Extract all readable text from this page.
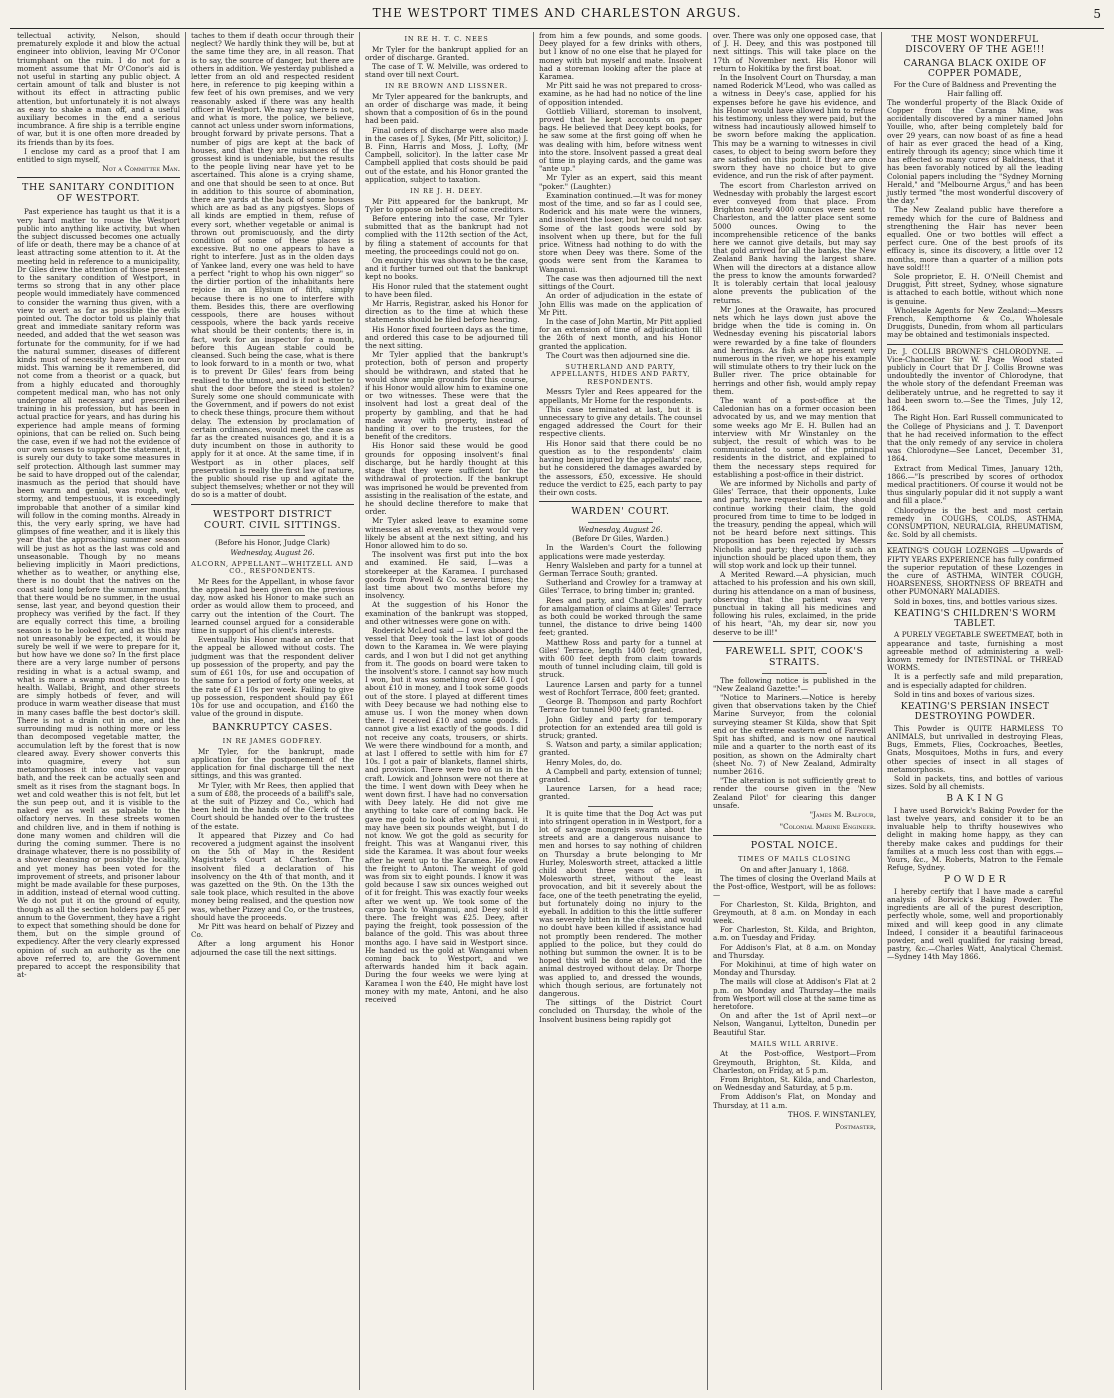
THE WESTPORT TIMES AND CHARLESTON ARGUS.	5

tellectual activity, Nelson, should prematurely explode it and blow the actual engineer into oblivion, leaving Mr O'Conor triumphant on the ruin. I do not for a moment assume that Mr O'Conor's aid is not useful in starting any public object. A certain amount of talk and bluster is not without its effect in attracting public attention, but unfortunately it is not always as easy to shake a man off, and a useful auxiliary becomes in the end a serious incumbrance. A fire ship is a terrible engine of war, but it is one often more dreaded by its friends than by its foes.

I enclose my card as a proof that I am entitled to sign myself,

Not a Committee Man.

THE SANITARY CONDITION OF WESTPORT.

Past experience has taught us that it is a very hard matter to rouse the Westport public into anything like activity, but when the subject discussed becomes one actually of life or death, there may be a chance of at least attracting some attention to it. At the meeting held in reference to a municipality, Dr Giles drew the attention of those present to the sanitary condition of Westport, in terms so strong that in any other place people would immediately have commenced to consider the warning thus given, with a view to avert as far as possible the evils pointed out. The doctor told us plainly that great and immediate sanitary reform was needed, and added that the wet season was fortunate for the community, for if we had the natural summer, diseases of different kinds must of necessity have arisen in our midst. This warning be it remembered, did not come from a theorist or a quack, but from a highly educated and thoroughly competent medical man, who has not only undergone all necessary and prescribed training in his profession, but has been in actual practice for years, and has during his experience had ample means of forming opinions, that can be relied on. Such being the case, even if we had not the evidence of our own senses to support the statement, it is surely our duty to take some measures in self protection. Although last summer may be said to have dropped out of the calendar, inasmuch as the period that should have been warm and genial, was rough, wet, stormy, and tempestuous, it is exceedingly improbable that another of a similar kind will follow in the coming months. Already in this, the very early spring, we have had glimpses of fine weather, and it is likely this year that the approaching summer season will be just as hot as the last was cold and unseasonable. Though by no means believing implicitly in Maori predictions, whether as to weather, or anything else, there is no doubt that the natives on the coast said long before the summer months, that there would be no summer, in the usual sense, last year, and beyond question their prophecy was verified by the fact. If they are equally correct this time, a broiling season is to be looked for, and as this may not unreasonably be expected, it would be surely be well if we were to prepare for it, but how have we done so? In the first place there are a very large number of persons residing in what is a actual swamp, and what is more a swamp most dangerous to health. Wallabi, Bright, and other streets are simply hotbeds of fever, and will produce in warm weather disease that must in many cases baffle the best doctor's skill. There is not a drain cut in one, and the surrounding mud is nothing more or less than decomposed vegetable matter, the accumulation left by the forest that is now cleared away. Every shower converts this into quagmire, every hot sun metamorphoses it into one vast vapour bath, and the reek can be actually seen and smelt as it rises from the stagnant bogs. In wet and cold weather this is not felt, but let the sun peep out, and it is visible to the naked eye as well as palpable to the olfactory nerves. In these streets women and children live, and in them if nothing is done many women and children will die during the coming summer. There is no drainage whatever, there is no possibility of a shower cleansing or possibly the locality, and yet money has been voted for the improvement of streets, and prisoner labour might be made available for these purposes, in addition, instead of eternal wood cutting. We do not put it on the ground of equity, though as all the section holders pay £5 per annum to the Government, they have a right to expect that something should be done for them, but on the simple ground of expediency. After the very clearly expressed opinion of such an authority as the one above referred to, are the Government prepared to accept the responsibility that at-

taches to them if death occur through their neglect? We hardly think they will be, but at the same time they are, in all reason. That is to say, the source of danger, but there are others in addition. We yesterday published a letter from an old and respected resident here, in reference to pig keeping within a few feet of his own premises, and we very reasonably asked if there was any health officer in Westport. We may say there is not, and what is more, the police, we believe, cannot act unless under sworn informations, brought forward by private persons. That a number of pigs are kept at the back of houses, and that they are nuisances of the grossest kind is undeniable, but the results to the people living near have yet to be ascertained. This alone is a crying shame, and one that should be seen to at once. But in addition to this source of abomination, there are yards at the back of some houses which are as bad as any pigstyes. Slops of all kinds are emptied in them, refuse of every sort, whether vegetable or animal is thrown out promiscuously, and the dirty condition of some of these places is excessive. But no one appears to have a right to interfere. Just as in the olden days of Yankee land, every one was held to have a perfect "right to whop his own nigger" so the dirtier portion of the inhabitants here rejoice in an Elysium of filth, simply because there is no one to interfere with them. Besides this, there are overflowing cesspools, there are houses without cesspools, where the back yards receive what should be their contents; there is, in fact, work for an inspector for a month, before this Augean stable could be cleansed. Such being the case, what is there to look forward to in a month or two, what is to prevent Dr Giles' fears from being realised to the utmost, and is it not better to shut the door before the steed is stolen? Surely some one should communicate with the Government, and if powers do not exist to check these things, procure them without delay. The extension by proclamation of certain ordinances, would meet the case as far as the created nuisances go, and it is a duty incumbent on those in authority to apply for it at once. At the same time, if in Westport as in other places, self preservation is really the first law of nature, the public should rise up and agitate the subject themselves; whether or not they will do so is a matter of doubt.

WESTPORT DISTRICT COURT. CIVIL SITTINGS.

(Before his Honor, Judge Clark)

Wednesday, August 26.

ALCORN, APPELLANT—WHITZELL AND CO., RESPONDENTS.

Mr Rees for the Appellant, in whose favor the appeal had been given on the previous day, now asked his Honor to make such an order as would allow them to proceed, and carry out the intention of the Court. The learned counsel argued for a considerable time in support of his client's interests.

Eventually his Honor made an order that the appeal be allowed without costs. The judgment was that the respondent deliver up possession of the property, and pay the sum of £61 10s, for use and occupation of the same for a period of forty one weeks, at the rate of £1 10s per week. Failing to give up possession, respondent should pay £61 10s for use and occupation, and £160 the value of the ground in dispute.

BANKRUPTCY CASES.
IN RE JAMES GODFREY.

Mr Tyler, for the bankrupt, made application for the postponement of the application for final discharge till the next sittings, and this was granted.

Mr Tyler, with Mr Rees, then applied that a sum of £88, the proceeds of a bailiff's sale, at the suit of Pizzey and Co., which had been held in the hands of the Clerk of the Court should be handed over to the trustees of the estate.

It appeared that Pizzey and Co had recovered a judgment against the insolvent on the 5th of May in the Resident Magistrate's Court at Charleston. The insolvent filed a declaration of his insolvency on the 4th of that month, and it was gazetted on the 9th. On the 13th the sale took place, which resulted in the above money being realised, and the question now was, whether Pizzey and Co, or the trustees, should have the proceeds.

Mr Pitt was heard on behalf of Pizzey and Co.

After a long argument his Honor adjourned the case till the next sittings.

IN RE H. T. C. NEES

Mr Tyler for the bankrupt applied for an order of discharge. Granted.

The case of T. W. Melville, was ordered to stand over till next Court.

IN RE BROWN AND LISSNER.

Mr Tyler appeared for the bankrupts, and an order of discharge was made, it being shown that a composition of 6s in the pound had been paid.

Final orders of discharge were also made in the cases of J. Sykes, (Mr Pitt, solicitor,) J. B. Finn, Harris and Moss, J. Lofty, (Mr Campbell, solicitor). In the latter case Mr Campbell applied that costs should be paid out of the estate, and his Honor granted the application, subject to taxation.

IN RE J. H. DEEY.

Mr Pitt appeared for the bankrupt, Mr Tyler to oppose on behalf of some creditors.

Before entering into the case, Mr Tyler submitted that as the bankrupt had not complied with the 112th section of the Act, by filing a statement of accounts for that meeting, the proceedings could not go on.

On enquiry this was shown to be the case, and it further turned out that the bankrupt kept no books.

His Honor ruled that the statement ought to have been filed.

Mr Harris, Registrar, asked his Honor for direction as to the time at which these statements should be filed before hearing.

His Honor fixed fourteen days as the time, and ordered this case to be adjourned till the next sitting.

Mr Tyler applied that the bankrupt's protection, both of person and property should be withdrawn, and stated that he would show ample grounds for this course, if his Honor would allow him to examine one or two witnesses. These were that the insolvent had lost a great deal of the property by gambling, and that he had made away with property, instead of handing it over to the trustees, for the benefit of the creditors.

His Honor said these would be good grounds for opposing insolvent's final discharge, but he hardly thought at this stage that they were sufficient for the withdrawal of protection. If the bankrupt was imprisoned he would be prevented from assisting in the realisation of the estate, and he should decline therefore to make that order.

Mr Tyler asked leave to examine some witnesses at all events, as they would very likely be absent at the next sitting, and his Honor allowed him to do so.

The insolvent was first put into the box and examined. He said, I—was a storekeeper at the Karamea. I purchased goods from Powell & Co. several times; the last time about two months before my insolvency.

At the suggestion of his Honor the examination of the bankrupt was stopped, and other witnesses were gone on with.

Roderick McLeod said — I was aboard the vessel that Deey took the last lot of goods down to the Karamea in. We were playing cards, and I won but I did not get anything from it. The goods on board were taken to the insolvent's store. I cannot say how much I won, but it was something over £40. I got about £10 in money, and I took some goods out of the store. I played at different times with Deey because we had nothing else to amuse us. I won the money when down there. I received £10 and some goods. I cannot give a list exactly of the goods. I did not receive any coats, trousers, or shirts. We were there windbound for a month, and at last I offered to settle with him for £7 10s. I got a pair of blankets, flannel shirts, and provision. There were two of us in the craft. Lowick and Johnson were not there at the time. I went down with Deey when he went down first. I have had no conversation with Deey lately. He did not give me anything to take care of coming back. He gave me gold to look after at Wanganui, it may have been six pounds weight, but I do not know. We got the gold as security for freight. This was at Wanganui river, this side the Karamea. It was about four weeks after he went up to the Karamea. He owed the freight to Antoni. The weight of gold was from six to eight pounds. I know it was gold because I saw six ounces weighed out of it for freight. This was exactly four weeks after we went up. We took some of the cargo back to Wanganui, and Deey sold it there. The freight was £25. Deey, after paying the freight, took possession of the balance of the gold. This was about three months ago. I have said in Westport since. He handed us the gold at Wanganui when coming back to Westport, and we afterwards handed him it back again. During the four weeks we were lying at Karamea I won the £40, He might have lost money with my mate, Antoni, and he also received

from him a few pounds, and some goods. Deey played for a few drinks with others, but I know of no one else that he played for money with but myself and mate. Insolvent had a storeman looking after the place at Karamea.

Mr Pitt said he was not prepared to cross-examine, as he had had no notice of the line of opposition intended.

Gottlieb Villiard, storeman to insolvent, proved that he kept accounts on paper bags. He believed that Deey kept books, for he saw some at the first going off when he was dealing with him, before witness went into the store. Insolvent passed a great deal of time in playing cards, and the game was "ante up."

Mr Tyler as an expert, said this meant "poker." (Laughter.)

Examination continued.—It was for money most of the time, and so far as I could see, Roderick and his mate were the winners, and insolvent the loser, but he could not say. Some of the last goods were sold by insolvent when up there, but for the full price. Witness had nothing to do with the store when Deey was there. Some of the goods were sent from the Karamea to Wanganui.

The case was then adjourned till the next sittings of the Court.

An order of adjudication in the estate of John Ellis was made on the application of Mr Pitt.

In the case of John Martin, Mr Pitt applied for an extension of time of adjudication till the 26th of next month, and his Honor granted the application.

The Court was then adjourned sine die.

SUTHERLAND AND PARTY, APPELLANTS, HIDES AND PARTY, RESPONDENTS.

Messrs Tyler and Rees appeared for the appellants, Mr Horne for the respondents.

This case terminated at last, but it is unnecessary to give any details. The counsel engaged addressed the Court for their respective clients.

His Honor said that there could be no question as to the respondents' claim having been injured by the appellants' race, but he considered the damages awarded by the assessors, £50, excessive. He should reduce the verdict to £25, each party to pay their own costs.

WARDEN' COURT.

Wednesday, August 26.

(Before Dr Giles, Warden.)

In the Warden's Court the following applications were made yesterday.

Henry Walsleben and party for a tunnel at German Terrace South; granted.

Sutherland and Crowley for a tramway at Giles' Terrace, to bring timber in; granted.

Rees and party, and Chamley and party for amalgamation of claims at Giles' Terrace as both could be worked through the same tunnel, the distance to drive being 1400 feet; granted.

Matthew Ross and party for a tunnel at Giles' Terrace, length 1400 feet; granted, with 600 feet depth from claim towards mouth of tunnel including claim, till gold is struck.

Laurence Larsen and party for a tunnel west of Rochfort Terrace, 800 feet; granted.

George B. Thompson and party Rochfort Terrace for tunnel 900 feet; granted.

John Gidley and party for temporary protection for an extended area till gold is struck; granted.

S. Watson and party, a similar application; granted.

Henry Moles, do, do.

A Campbell and party, extension of tunnel; granted.

Laurence Larsen, for a head race; granted.

It is quite time that the Dog Act was put into stringent operation in in Westport, for a lot of savage mongrels swarm about the streets and are a dangerous nuisance to men and horses to say nothing of children on Thursday a brute belonging to Mr Hurley, Molesworth street, attacked a little child about three years of age, in Molesworth street, without the least provocation, and bit it severely about the face, one of the teeth penetrating the eyelid, but fortunately doing no injury to the eyeball. In addition to this the little sufferer was severely bitten in the cheek, and would no doubt have been killed if assistance had not promptly been rendered. The mother applied to the police, but they could do nothing but summon the owner. It is to be hoped this will be done at once, and the animal destroyed without delay. Dr Thorpe was applied to, and dressed the wounds, which though serious, are fortunately not dangerous.

The sittings of the District Court concluded on Thursday, the whole of the Insolvent business being rapidly got

over. There was only one opposed case, that of J. H. Deey, and this was postponed till next sittings. This will take place on the 17th of November next. His Honor will return to Hokitika by the first boat.

In the Insolvent Court on Thursday, a man named Roderick M'Leod, who was called as a witness in Deey's case, applied for his expenses before he gave his evidence, and his Honor would have allowed him to refuse his testimony, unless they were paid, but the witness had incautiously allowed himself to be sworn before making the application. This may be a warning to witnesses in civil cases, to object to being sworn before they are satisfied on this point. If they are once sworn they have no choice but to give evidence, and run the risk of after payment.

The escort from Charleston arrived on Wednesday with probably the largest escort ever conveyed from that place. From Brighton nearly 4000 ounces were sent to Charleston, and the latter place sent some 5000 ounces. Owing to the incomprehensible reticence of the banks here we cannot give details, but may say that gold arrived for all the banks, the New Zealand Bank having the largest share. When will the directors at a distance allow the press to know the amounts forwarded? It is tolerably certain that local jealousy alone prevents the publication of the returns.

Mr Jones at the Orawaite, has procured nets which he lays down just above the bridge when the tide is coming in. On Wednesday evening his piscatorial labors were rewarded by a fine take of flounders and herrings. As fish are at present very numerous in the river, we hope his example will stimulate others to try their luck on the Buller river. The price obtainable for herrings and other fish, would amply repay them.

The want of a post-office at the Caledonian has on a former occasion been advocated by us, and we may mention that some weeks ago Mr E. H. Bullen had an interview with Mr Winstanley on the subject, the result of which was to be communicated to some of the principal residents in the district, and explained to them the necessary steps required for establishing a post-office in their district.

We are informed by Nicholls and party of Giles' Terrace, that their opponents, Luke and party, have requested that they should continue working their claim, the gold procured from time to time to be lodged in the treasury, pending the appeal, which will not be heard before next sittings. This proposition has been rejected by Messrs Nicholls and party; they state if such an injunction should be placed upon them, they will stop work and lock up their tunnel.

A Merited Reward.—A physician, much attached to his profession and his own skill, during his attendance on a man of business, observing that the patient was very punctual in taking all his medicines and following his rules, exclaimed, in the pride of his heart, "Ah, my dear sir, now you deserve to be ill!"

FAREWELL SPIT, COOK'S STRAITS.

The following notice is published in the "New Zealand Gazette:"—

"Notice to Mariners.—Notice is hereby given that observations taken by the Chief Marine Surveyor, from the colonial surveying steamer St Kilda, show that Spit end or the extreme eastern end of Farewell Spit has shifted, and is now one nautical mile and a quarter to the north east of its position, as shown on the Admiralty chart (sheet No. 7) of New Zealand, Admiralty number 2616.

"The alteration is not sufficiently great to render the course given in the 'New Zealand Pilot' for clearing this danger unsafe.

"James M. Balfour,

"Colonial Marine Engineer.

POSTAL NOICE.
TIMES OF MAILS CLOSING

On and after January 1, 1868.

The times of closing the Overland Mails at the Post-office, Westport, will be as follows:—

For Charleston, St. Kilda, Brighton, and Greymouth, at 8 a.m. on Monday in each week.

For Charleston, St. Kilda, and Brighton, a.m. on Tuesday and Friday.

For Addison's Flat, at 8 a.m. on Monday and Thursday.

For Mokihinui, at time of high water on Monday and Thursday.

The mails will close at Addison's Flat at 2 p.m. on Monday and Thursday—the mails from Westport will close at the same time as heretofore.

On and after the 1st of April next—or Nelson, Wanganui, Lyttelton, Dunedin per Beautiful Star.

MAILS WILL ARRIVE.

At the Post-office, Westport—From Greymouth, Brighton, St. Kilda, and Charleston, on Friday, at 5 p.m.

From Brighton, St. Kilda, and Charleston, on Wednesday and Saturday, at 5 p.m.

From Addison's Flat, on Monday and Thursday, at 11 a.m.

THOS. F. WINSTANLEY,

Postmaster,

THE MOST WONDERFUL DISCOVERY OF THE AGE!!!
CARANGA BLACK OXIDE OF COPPER POMADE,

For the Cure of Baldness and Preventing the Hair falling off.

The wonderful property of the Black Oxide of Copper from the Caranga Mine, was accidentally discovered by a miner named John Youille, who, after being completely bald for over 29 years, can now boast of as fine a head of hair as ever graced the head of a King, entirely through its agency; since which time it has effected so many cures of Baldness, that it has been favorably noticed by all the leading Colonial papers including the "Sydney Morning Herald," and "Melbourne Argus," and has been justly termed "the most wonderful discovery of the day."

The New Zealand public have therefore a remedy which for the cure of Baldness and strengthening the Hair has never been equalled. One or two bottles will effect a perfect cure. One of the best proofs of its efficacy is, since its discovery, a little over 12 months, more than a quarter of a million pots have sold!!!

Sole proprietor, E. H. O'Neill Chemist and Druggist, Pitt street, Sydney, whose signature is attached to each bottle, without which none is genuine.

Wholesale Agents for New Zealand:—Messrs French, Kempthorne & Co., Wholesale Druggists, Dunedin, from whom all particulars may be obtained and testimonials inspected.

Dr. J. COLLIS BROWNE'S CHLORODYNE. — Vice-Chancellor Sir W. Page Wood stated publicly in Court that Dr J. Collis Browne was undoubtedly the inventor of Chlorodyne, that the whole story of the defendant Freeman was deliberately untrue, and he regretted to say it had been sworn to.—See the Times, July 12, 1864.

The Right Hon. Earl Russell communicated to the College of Physicians and J. T. Davenport that he had received information to the effect that the only remedy of any service in cholera was Chlorodyne—See Lancet, December 31, 1864.

Extract from Medical Times, January 12th, 1866.—"Is prescribed by scores of orthodox medical practitioners. Of course it would not be thus singularly popular did it not supply a want and fill a place."

Chlorodyne is the best and most certain remedy in COUGHS, COLDS, ASTHMA, CONSUMPTION, NEURALGIA, RHEUMATISM, &c. Sold by all chemists.

KEATING'S COUGH LOZENGES —Upwards of FIFTY YEARS EXPERIENCE has fully confirmed the superior reputation of these Lozenges in the cure of ASTHMA, WINTER COUGH, HOARSENESS, SHORTNESS OF BREATH and other PUMONARY MALADIES.

Sold in boxes, tins, and bottles various sizes.

KEATING'S CHILDREN'S WORM TABLET.

A PURELY VEGETABLE SWEETMEAT, both in appearance and taste, furnishing a most agreeable method of administering a well-known remedy for INTESTINAL or THREAD WORMS.

It is a perfectly safe and mild preparation, and is especially adapted for children.

Sold in tins and boxes of various sizes.

KEATING'S PERSIAN INSECT DESTROYING POWDER.

This Powder is QUITE HARMLESS TO ANIMALS, but unrivalled in destroying Fleas, Bugs, Emmets, Flies, Cockroaches, Beetles, Gnats, Mosquitoes, Moths in furs, and every other species of insect in all stages of metamorphosis.

Sold in packets, tins, and bottles of various sizes. Sold by all chemists.

B A K I N G

I have used Borwick's Baking Powder for the last twelve years, and consider it to be an invaluable help to thrifty housewives who delight in making home happy, as they can thereby make cakes and puddings for their families at a much less cost than with eggs.—Yours, &c., M. Roberts, Matron to the Female Refuge, Sydney.

P O W D E R

I hereby certify that I have made a careful analysis of Borwick's Baking Powder. The ingredients are all of the purest description, perfectly whole, some, well and proportionably mixed and will keep good in any climate Indeed, I consider it a beautiful farinaceous powder, and well qualified for raising bread, pastry, &c.—Charles Watt, Analytical Chemist.—Sydney 14th May 1866.
